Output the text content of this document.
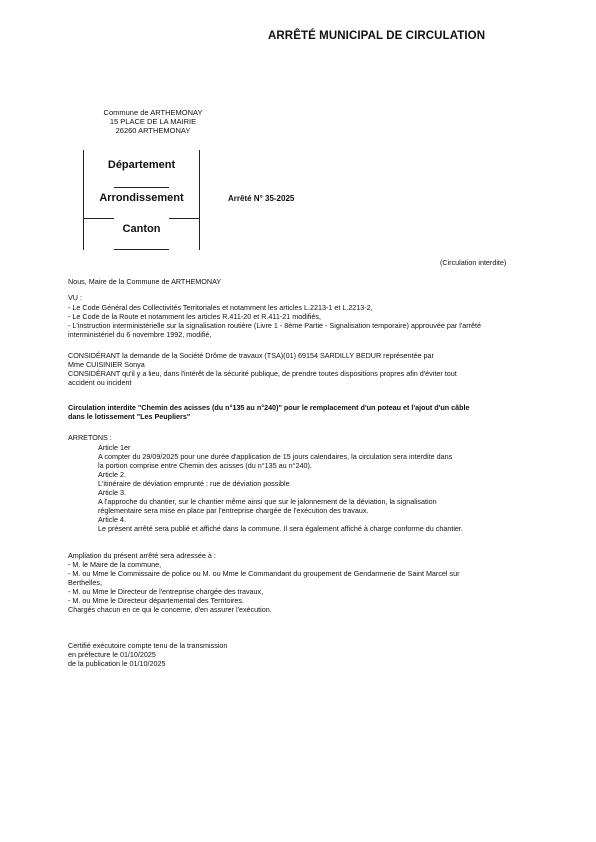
ARRÊTÉ MUNICIPAL DE CIRCULATION
Commune de ARTHEMONAY
15 PLACE DE LA MAIRIE
26260 ARTHEMONAY
Département
Arrondissement
Canton
Arrêté N° 35-2025
(Circulation interdite)
Nous, Maire de la Commune de ARTHEMONAY
VU :
- Le Code Général des Collectivités Territoriales et notamment les articles L.2213-1 et L.2213-2,
- Le Code de la Route et notamment les articles R.411-20 et R.411-21 modifiés,
- L'instruction interministérielle sur la signalisation routière (Livre 1 - 8ème Partie - Signalisation temporaire) approuvée par l'arrêté
interministériel du 6 novembre 1992, modifié,
CONSIDÉRANT la demande de la Société Drôme de travaux (TSA)(01) 69154 SARDILLY BEDUR représentée par
Mme CUISINIER Sonya
CONSIDÉRANT qu'il y a lieu, dans l'intérêt de la sécurité publique, de prendre toutes dispositions propres afin d'éviter tout
accident ou incident
Circulation interdite "Chemin des acisses (du n°135 au n°240)" pour le remplacement d'un poteau et l'ajout d'un câble
dans le lotissement "Les Peupliers"
ARRETONS :
Article 1er
A compter du 29/09/2025 pour une durée d'application de 15 jours calendaires, la circulation sera interdite dans
la portion comprise entre Chemin des acisses (du n°135 au n°240).
Article 2.
L'itinéraire de déviation emprunté : rue de déviation possible
Article 3.
A l'approche du chantier, sur le chantier même ainsi que sur le jalonnement de la déviation, la signalisation
réglementaire sera mise en place par l'entreprise chargée de l'exécution des travaux.
Article 4.
Le présent arrêté sera publié et affiché dans la commune. Il sera également affiché à charge conforme du chantier.
Ampliation du présent arrêté sera adressée à :
- M. le Maire de la commune,
- M. ou Mme le Commissaire de police ou M. ou Mme le Commandant du groupement de Gendarmerie de Saint Marcel sur
Berthelles,
- M. ou Mme le Directeur de l'entreprise chargée des travaux,
- M. ou Mme le Directeur départemental des Territoires.
Chargés chacun en ce qui le concerne, d'en assurer l'exécution.
Certifié exécutoire compte tenu de la transmission
en préfecture le 01/10/2025
de la publication le 01/10/2025
